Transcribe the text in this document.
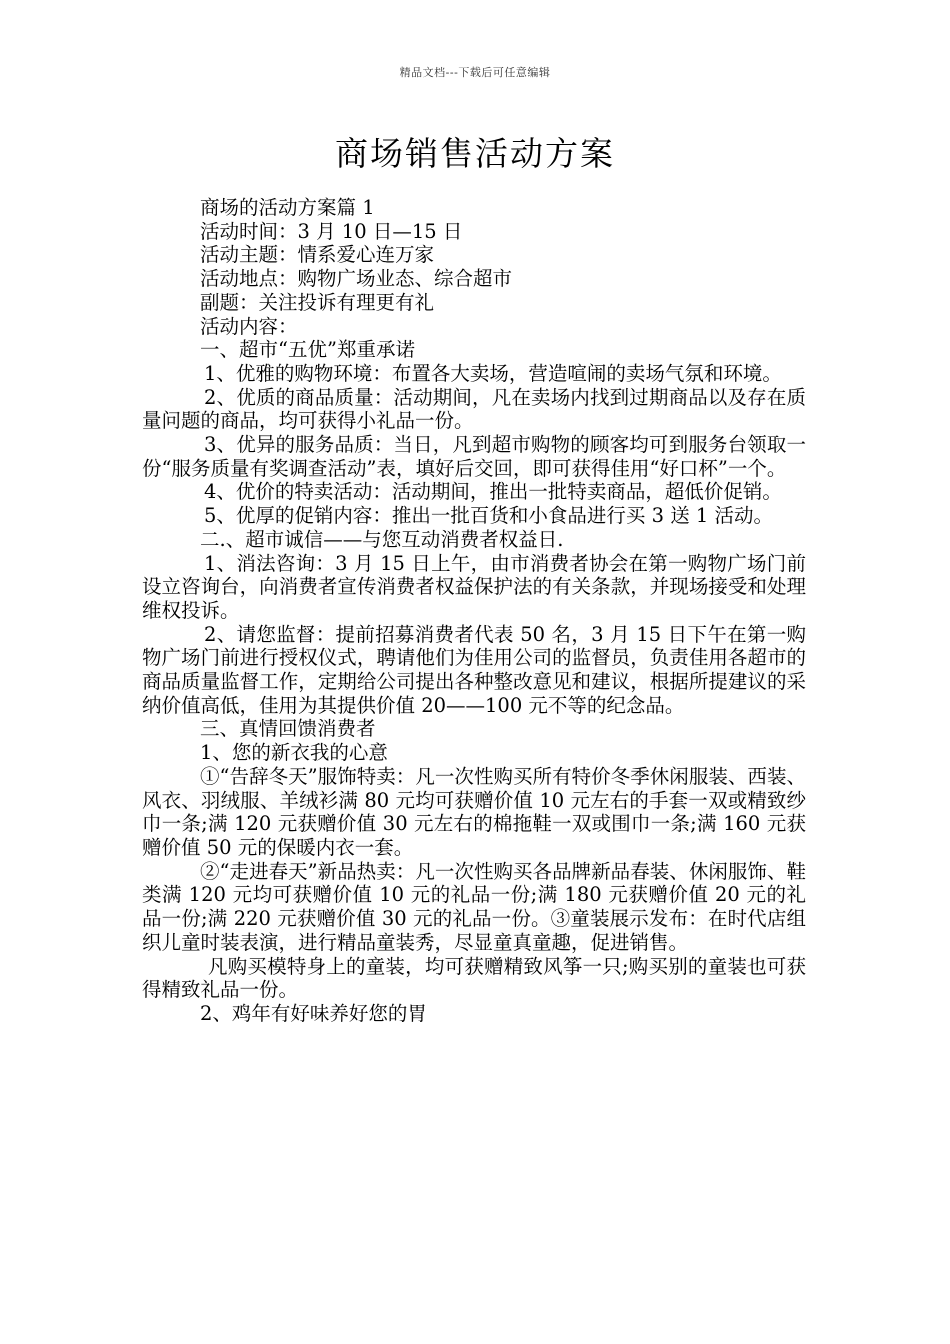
精品文档---下载后可任意编辑
商场销售活动方案

商场的活动方案篇 1

活动时间：3 月 10 日—15 日

活动主题：情系爱心连万家

活动地点：购物广场业态、综合超市

副题：关注投诉有理更有礼

活动内容：

一、超市“五优”郑重承诺

1、优雅的购物环境：布置各大卖场，营造喧闹的卖场气氛和环境。

2、优质的商品质量：活动期间，凡在卖场内找到过期商品以及存在质量问题的商品，均可获得小礼品一份。

3、优异的服务品质：当日，凡到超市购物的顾客均可到服务台领取一份“服务质量有奖调查活动”表，填好后交回，即可获得佳用“好口杯”一个。

4、优价的特卖活动：活动期间，推出一批特卖商品，超低价促销。

5、优厚的促销内容：推出一批百货和小食品进行买 3 送 1 活动。

二.、超市诚信——与您互动消费者权益日.

1、消法咨询：3 月 15 日上午，由市消费者协会在第一购物广场门前设立咨询台，向消费者宣传消费者权益保护法的有关条款，并现场接受和处理维权投诉。

2、请您监督：提前招募消费者代表 50 名，3 月 15 日下午在第一购物广场门前进行授权仪式，聘请他们为佳用公司的监督员，负责佳用各超市的商品质量监督工作，定期给公司提出各种整改意见和建议，根据所提建议的采纳价值高低，佳用为其提供价值 20——100 元不等的纪念品。

三、真情回馈消费者

1、您的新衣我的心意

①“告辞冬天”服饰特卖：凡一次性购买所有特价冬季休闲服装、西装、风衣、羽绒服、羊绒衫满 80 元均可获赠价值 10 元左右的手套一双或精致纱巾一条;满 120 元获赠价值 30 元左右的棉拖鞋一双或围巾一条;满 160 元获赠价值 50 元的保暖内衣一套。

②“走进春天”新品热卖：凡一次性购买各品牌新品春装、休闲服饰、鞋类满 120 元均可获赠价值 10 元的礼品一份;满 180 元获赠价值 20 元的礼品一份;满 220 元获赠价值 30 元的礼品一份。③童装展示发布：在时代店组织儿童时装表演，进行精品童装秀，尽显童真童趣，促进销售。

凡购买模特身上的童装，均可获赠精致风筝一只;购买别的童装也可获得精致礼品一份。

2、鸡年有好味养好您的胃
